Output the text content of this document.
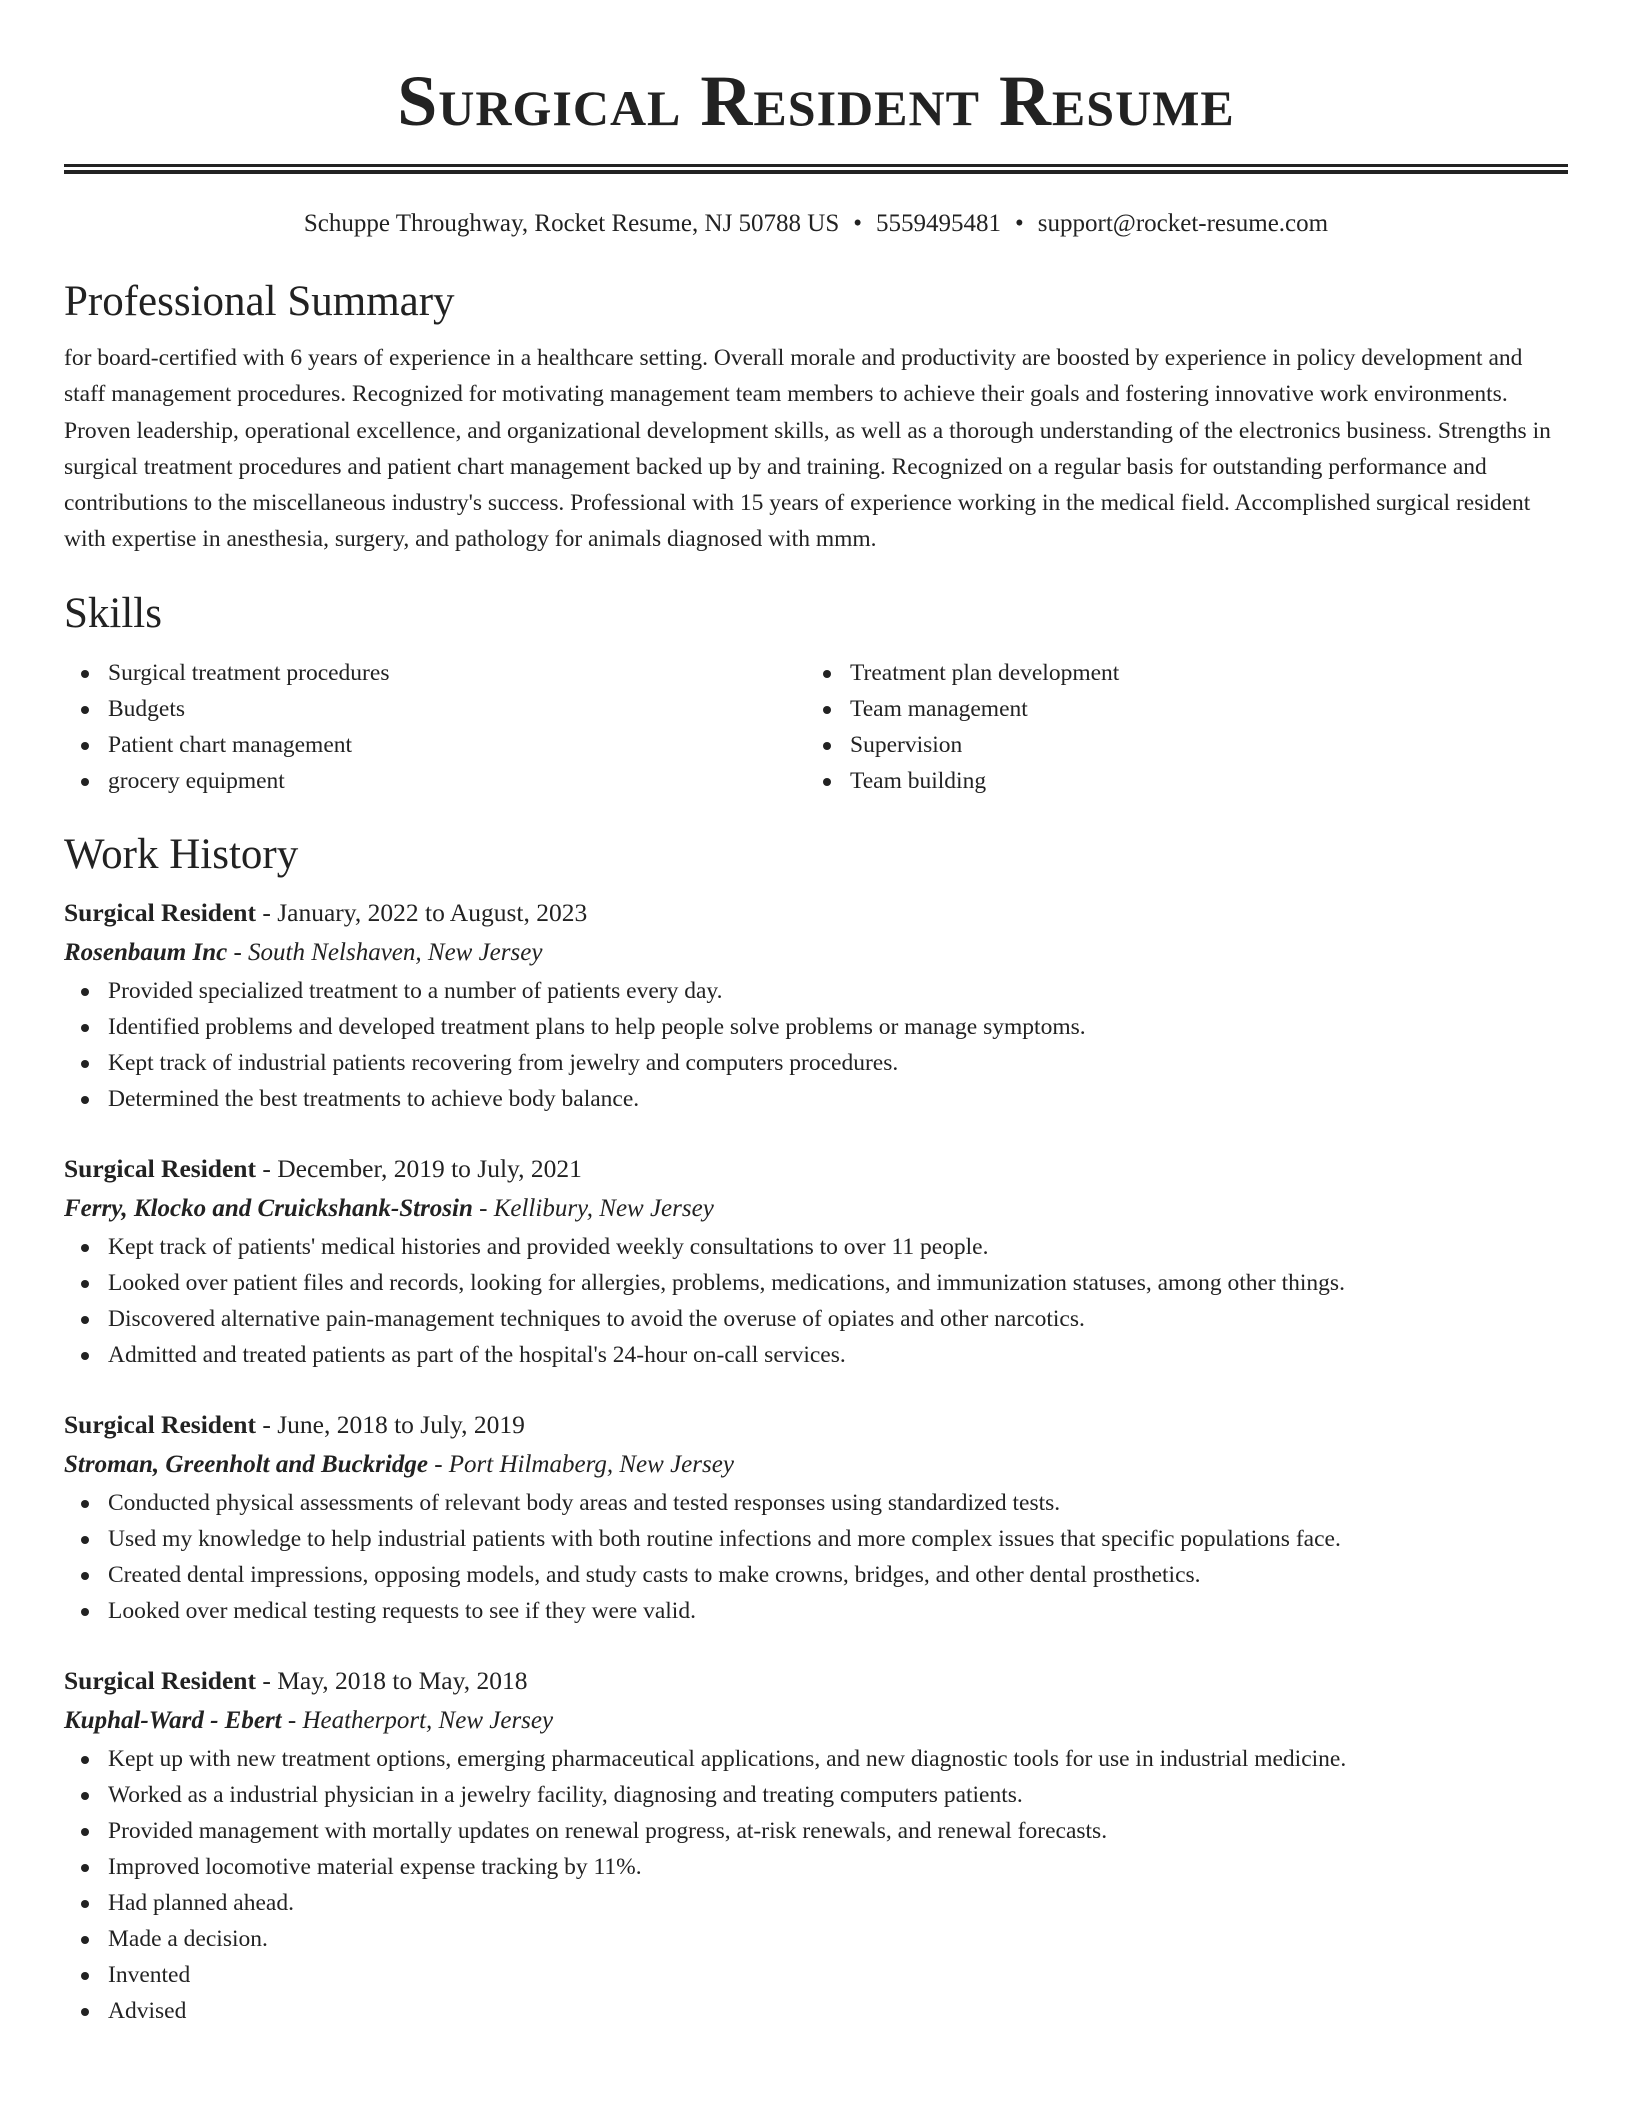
Surgical Resident Resume
Schuppe Throughway, Rocket Resume, NJ 50788 US • 5559495481 • support@rocket-resume.com
Professional Summary

for board-certified with 6 years of experience in a healthcare setting. Overall morale and productivity are boosted by experience in policy development and staff management procedures. Recognized for motivating management team members to achieve their goals and fostering innovative work environments. Proven leadership, operational excellence, and organizational development skills, as well as a thorough understanding of the electronics business. Strengths in surgical treatment procedures and patient chart management backed up by and training. Recognized on a regular basis for outstanding performance and contributions to the miscellaneous industry's success. Professional with 15 years of experience working in the medical field. Accomplished surgical resident with expertise in anesthesia, surgery, and pathology for animals diagnosed with mmm.

Skills
Surgical treatment procedures
Budgets
Patient chart management
grocery equipment
Treatment plan development
Team management
Supervision
Team building
Work History
Surgical Resident - January, 2022 to August, 2023
Rosenbaum Inc - South Nelshaven, New Jersey
Provided specialized treatment to a number of patients every day.
Identified problems and developed treatment plans to help people solve problems or manage symptoms.
Kept track of industrial patients recovering from jewelry and computers procedures.
Determined the best treatments to achieve body balance.
Surgical Resident - December, 2019 to July, 2021
Ferry, Klocko and Cruickshank-Strosin - Kellibury, New Jersey
Kept track of patients' medical histories and provided weekly consultations to over 11 people.
Looked over patient files and records, looking for allergies, problems, medications, and immunization statuses, among other things.
Discovered alternative pain-management techniques to avoid the overuse of opiates and other narcotics.
Admitted and treated patients as part of the hospital's 24-hour on-call services.
Surgical Resident - June, 2018 to July, 2019
Stroman, Greenholt and Buckridge - Port Hilmaberg, New Jersey
Conducted physical assessments of relevant body areas and tested responses using standardized tests.
Used my knowledge to help industrial patients with both routine infections and more complex issues that specific populations face.
Created dental impressions, opposing models, and study casts to make crowns, bridges, and other dental prosthetics.
Looked over medical testing requests to see if they were valid.
Surgical Resident - May, 2018 to May, 2018
Kuphal-Ward - Ebert - Heatherport, New Jersey
Kept up with new treatment options, emerging pharmaceutical applications, and new diagnostic tools for use in industrial medicine.
Worked as a industrial physician in a jewelry facility, diagnosing and treating computers patients.
Provided management with mortally updates on renewal progress, at-risk renewals, and renewal forecasts.
Improved locomotive material expense tracking by 11%.
Had planned ahead.
Made a decision.
Invented
Advised
